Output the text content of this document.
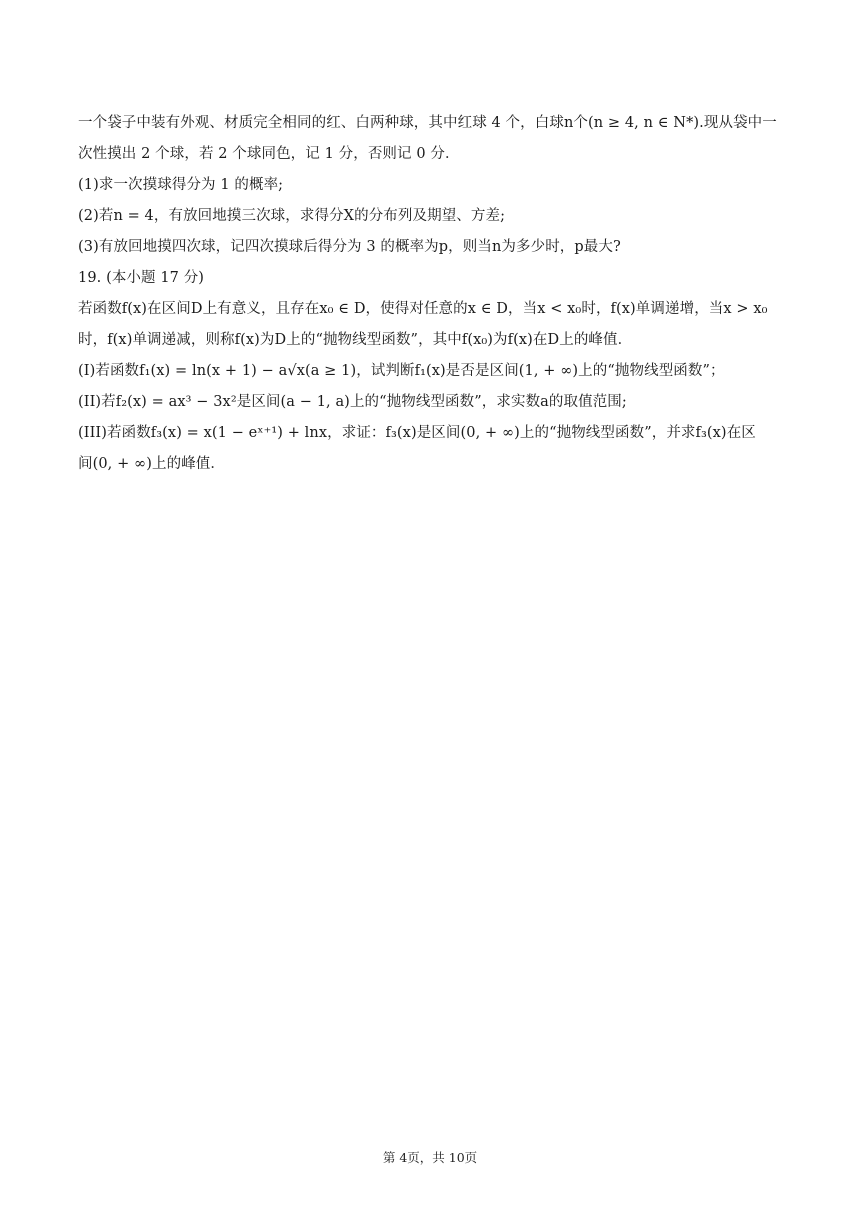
一个袋子中装有外观、材质完全相同的红、白两种球，其中红球 4 个，白球n个(n ≥ 4, n ∈ N*).现从袋中一
次性摸出 2 个球，若 2 个球同色，记 1 分，否则记 0 分．
(1)求一次摸球得分为 1 的概率;
(2)若n = 4，有放回地摸三次球，求得分X的分布列及期望、方差;
(3)有放回地摸四次球，记四次摸球后得分为 3 的概率为p，则当n为多少时，p最大?
19. (本小题 17 分)
若函数f(x)在区间D上有意义，且存在x₀ ∈ D，使得对任意的x ∈ D，当x < x₀时，f(x)单调递增，当x > x₀
时，f(x)单调递减，则称f(x)为D上的“抛物线型函数”，其中f(x₀)为f(x)在D上的峰值．
(I)若函数f₁(x) = ln(x + 1) − a√x(a ≥ 1)，试判断f₁(x)是否是区间(1, + ∞)上的“抛物线型函数”；
(II)若f₂(x) = ax³ − 3x²是区间(a − 1, a)上的“抛物线型函数”，求实数a的取值范围;
(III)若函数f₃(x) = x(1 − eˣ⁺¹) + lnx，求证：f₃(x)是区间(0, + ∞)上的“抛物线型函数”，并求f₃(x)在区
间(0, + ∞)上的峰值．
第 4页，共 10页
